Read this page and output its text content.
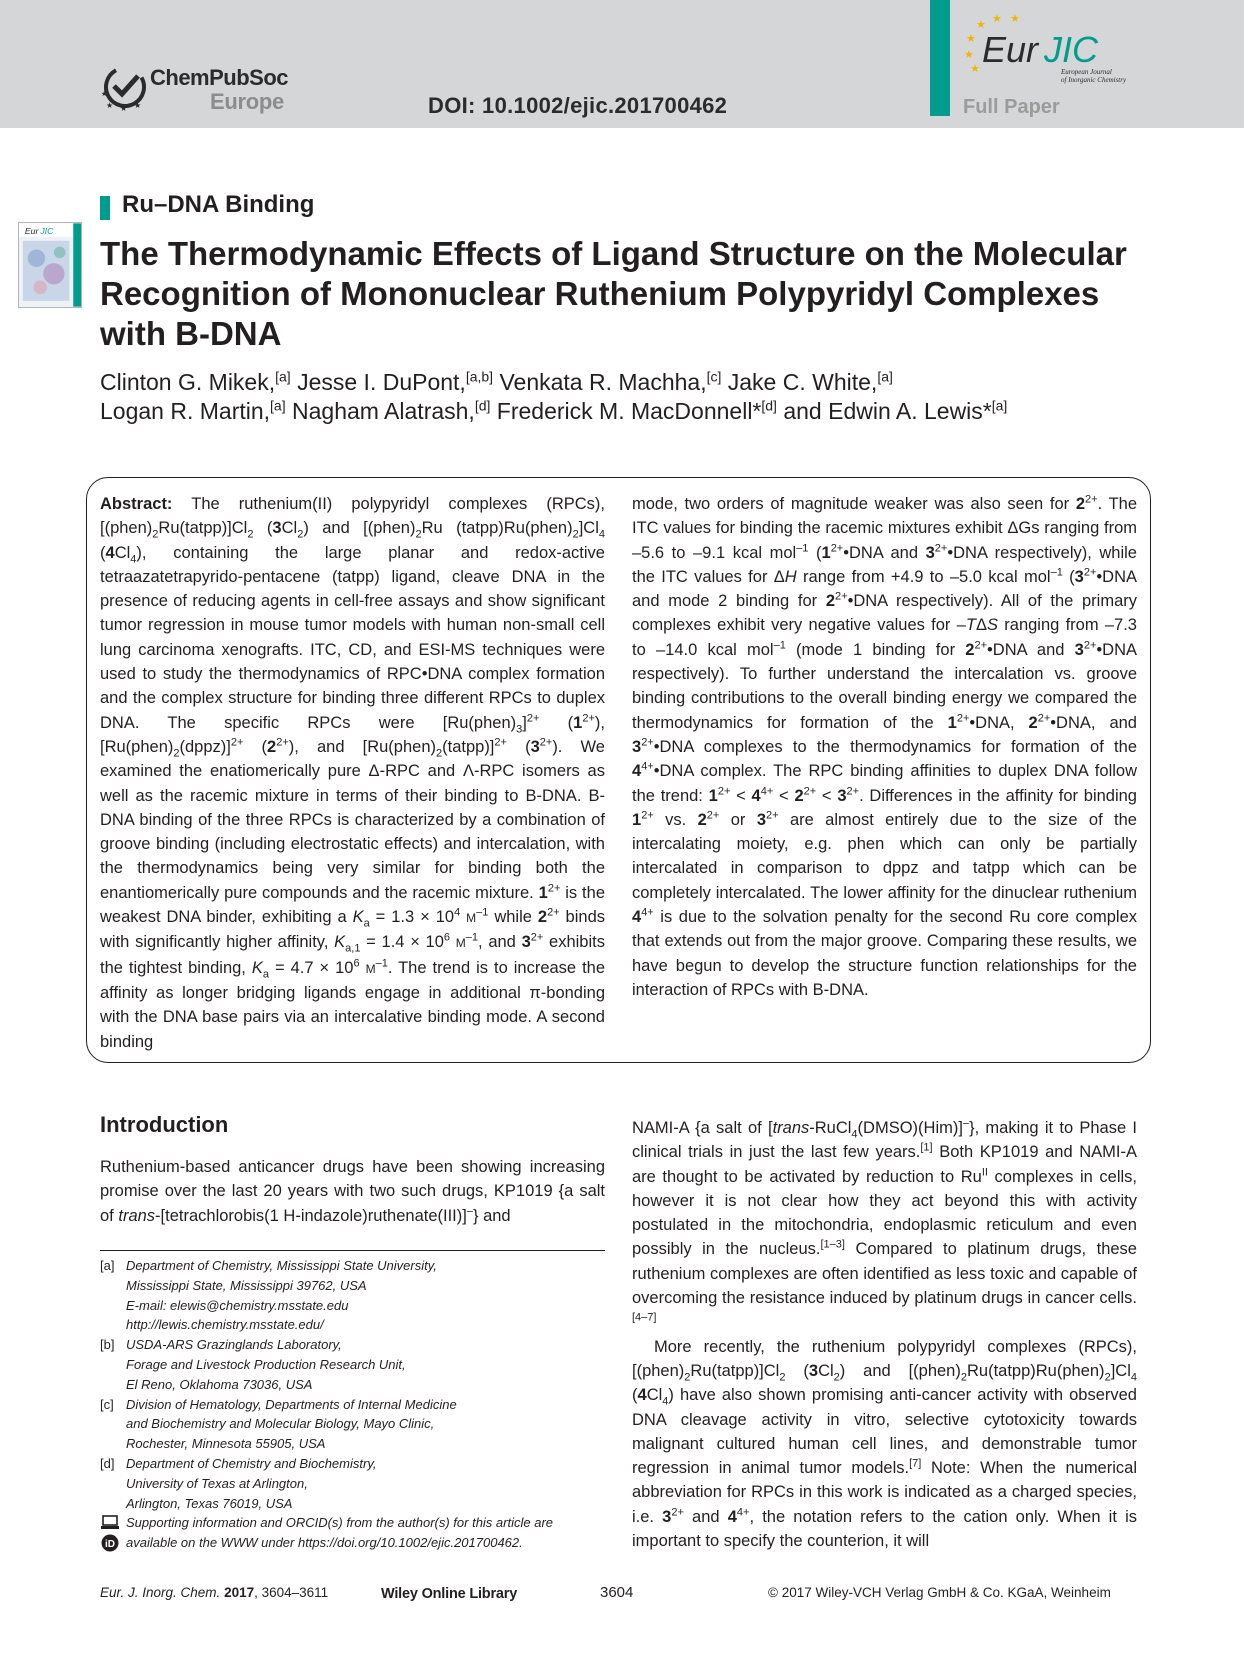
★ ★ ★
★
ChemPubSoc
Europe	DOI: 10.1002/ejic.201700462
★ ★ ★
★
★
★ Eur JIC
European Journal
of Inorganic Chemistry
Full Paper
Ru–DNA Binding
Eur JIC
The Thermodynamic Effects of Ligand Structure on the Molecular Recognition of Mononuclear Ruthenium Polypyridyl Complexes with B-DNA
Clinton G. Mikek,[a] Jesse I. DuPont,[a,b] Venkata R. Machha,[c] Jake C. White,[a]
Logan R. Martin,[a] Nagham Alatrash,[d] Frederick M. MacDonnell*[d] and Edwin A. Lewis*[a]
Abstract: The ruthenium(II) polypyridyl complexes (RPCs), $[(phen)_2Ru(tatpp)]Cl_2$ $(3Cl_2)$ and [$(phen)_2Ru$ $(tatpp)Ru(phen)_2]Cl_4$ $(4Cl_4)$, containing the large planar and redox-active tetraazatetrapyrido-pentacene (tatpp) ligand, cleave DNA in the presence of reducing agents in cell-free assays and show significant tumor regression in mouse tumor models with human non-small cell lung carcinoma xenografts. ITC, CD, and ESI-MS techniques were used to study the thermodynamics of RPC•DNA complex formation and the complex structure for binding three different RPCs to duplex DNA. The specific RPCs were $[Ru(phen)_3]^{2+}$ $(1^{2+})$, $[Ru(phen)_2(dppz)]^{2+}$ $(2^{2+})$, and $[Ru(phen)_2(tatpp)]^{2+}$ $(3^{2+})$. We examined the enatiomerically pure Δ-RPC and Λ-RPC isomers as well as the racemic mixture in terms of their binding to B-DNA. B-DNA binding of the three RPCs is characterized by a combination of groove binding (including electrostatic effects) and intercalation, with the thermodynamics being very similar for binding both the enantiomerically pure compounds and the racemic mixture. $1^{2+}$ is the weakest DNA binder, exhibiting a $K_a = 1.3 \times 10^4$ $M^{-1}$ while $2^{2+}$ binds with significantly higher affinity, $K_{a,1} = 1.4 \times 10^6$ $M^{-1}$, and $3^{2+}$ exhibits the tightest binding, $K_a = 4.7 \times 10^6$ $M^{-1}$. The trend is to increase the affinity as longer bridging ligands engage in additional π-bonding with the DNA base pairs via an intercalative binding mode. A second binding
mode, two orders of magnitude weaker was also seen for $2^{2+}$. The ITC values for binding the racemic mixtures exhibit ΔGs ranging from –5.6 to –9.1 kcal mol$^{-1}$ ($1^{2+}•DNA$ and $3^{2+}•DNA$ respectively), while the ITC values for ΔH range from +4.9 to –5.0 kcal mol$^{-1}$ ($3^{2+}•DNA$ and mode 2 binding for $2^{2+}•DNA$ respectively). All of the primary complexes exhibit very negative values for –TΔS ranging from –7.3 to –14.0 kcal mol$^{-1}$ (mode 1 binding for $2^{2+}•DNA$ and $3^{2+}•DNA$ respectively). To further understand the intercalation vs. groove binding contributions to the overall binding energy we compared the thermodynamics for formation of the $1^{2+}•DNA$, $2^{2+}•DNA$, and $3^{2+}•DNA$ complexes to the thermodynamics for formation of the $4^{4+}•DNA$ complex. The RPC binding affinities to duplex DNA follow the trend: $1^{2+} < 4^{4+} < 2^{2+} < 3^{2+}$. Differences in the affinity for binding $1^{2+}$ vs. $2^{2+}$ or $3^{2+}$ are almost entirely due to the size of the intercalating moiety, e.g. phen which can only be partially intercalated in comparison to dppz and tatpp which can be completely intercalated. The lower affinity for the dinuclear ruthenium $4^{4+}$ is due to the solvation penalty for the second Ru core complex that extends out from the major groove. Comparing these results, we have begun to develop the structure function relationships for the interaction of RPCs with B-DNA.
Introduction
Ruthenium-based anticancer drugs have been showing increasing promise over the last 20 years with two such drugs, KP1019 {a salt of trans-[tetrachlorobis(1 H-indazole)ruthenate(III)]–} and

NAMI-A {a salt of [trans-RuCl$_4$(DMSO)(Him)]–}, making it to Phase I clinical trials in just the last few years.[1] Both KP1019 and NAMI-A are thought to be activated by reduction to $Ru^{II}$ complexes in cells, however it is not clear how they act beyond this with activity postulated in the mitochondria, endoplasmic reticulum and even possibly in the nucleus.[1–3] Compared to platinum drugs, these ruthenium complexes are often identified as less toxic and capable of overcoming the resistance induced by platinum drugs in cancer cells.[4–7]

More recently, the ruthenium polypyridyl complexes (RPCs), $[(phen)_2Ru(tatpp)]Cl_2$ $(3Cl_2)$ and $[(phen)_2Ru(tatpp)Ru(phen)_2]Cl_4$ $(4Cl_4)$ have also shown promising anti-cancer activity with observed DNA cleavage activity in vitro, selective cytotoxicity towards malignant cultured human cell lines, and demonstrable tumor regression in animal tumor models.[7] Note: When the numerical abbreviation for RPCs in this work is indicated as a charged species, i.e. $3^{2+}$ and $4^{4+}$, the notation refers to the cation only. When it is important to specify the counterion, it will

[a] Department of Chemistry, Mississippi State University,
Mississippi State, Mississippi 39762, USA
E-mail: elewis@chemistry.msstate.edu
http://lewis.chemistry.msstate.edu/
[b] USDA-ARS Grazinglands Laboratory,
Forage and Livestock Production Research Unit,
El Reno, Oklahoma 73036, USA
[c] Division of Hematology, Departments of Internal Medicine
and Biochemistry and Molecular Biology, Mayo Clinic,
Rochester, Minnesota 55905, USA
[d] Department of Chemistry and Biochemistry,
University of Texas at Arlington,
Arlington, Texas 76019, USA
iD
Supporting information and ORCID(s) from the author(s) for this article are
available on the WWW under https://doi.org/10.1002/ejic.201700462.
Eur. J. Inorg. Chem. 2017, 3604–3611	Wiley Online Library	3604	© 2017 Wiley-VCH Verlag GmbH & Co. KGaA, Weinheim
